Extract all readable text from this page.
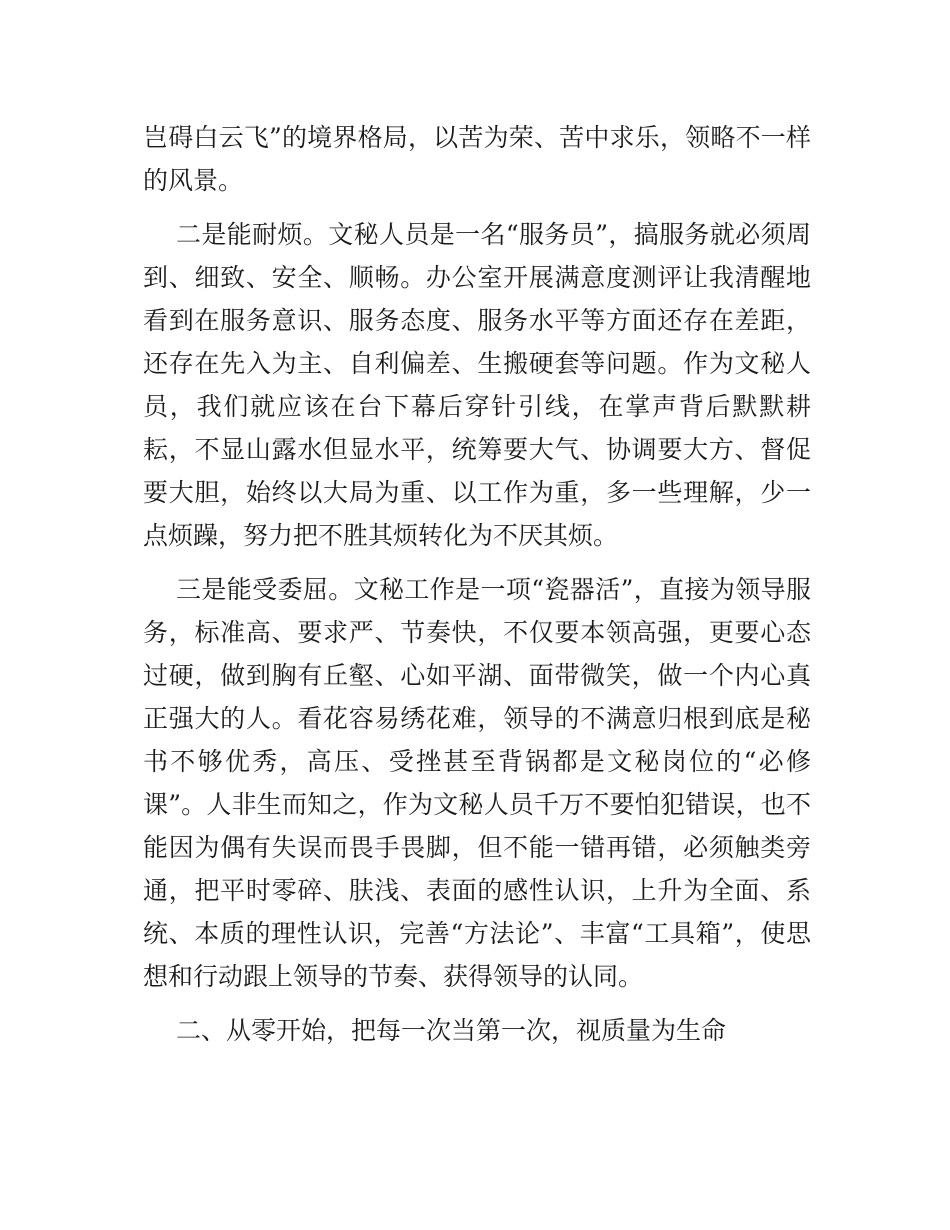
岂碍白云飞”的境界格局，以苦为荣、苦中求乐，领略不一样的风景。

二是能耐烦。文秘人员是一名“服务员”，搞服务就必须周到、细致、安全、顺畅。办公室开展满意度测评让我清醒地看到在服务意识、服务态度、服务水平等方面还存在差距，还存在先入为主、自利偏差、生搬硬套等问题。作为文秘人员，我们就应该在台下幕后穿针引线，在掌声背后默默耕耘，不显山露水但显水平，统筹要大气、协调要大方、督促要大胆，始终以大局为重、以工作为重，多一些理解，少一点烦躁，努力把不胜其烦转化为不厌其烦。

三是能受委屈。文秘工作是一项“瓷器活”，直接为领导服务，标准高、要求严、节奏快，不仅要本领高强，更要心态过硬，做到胸有丘壑、心如平湖、面带微笑，做一个内心真正强大的人。看花容易绣花难，领导的不满意归根到底是秘书不够优秀，高压、受挫甚至背锅都是文秘岗位的“必修课”。人非生而知之，作为文秘人员千万不要怕犯错误，也不能因为偶有失误而畏手畏脚，但不能一错再错，必须触类旁通，把平时零碎、肤浅、表面的感性认识，上升为全面、系统、本质的理性认识，完善“方法论”、丰富“工具箱”，使思想和行动跟上领导的节奏、获得领导的认同。

二、从零开始，把每一次当第一次，视质量为生命
